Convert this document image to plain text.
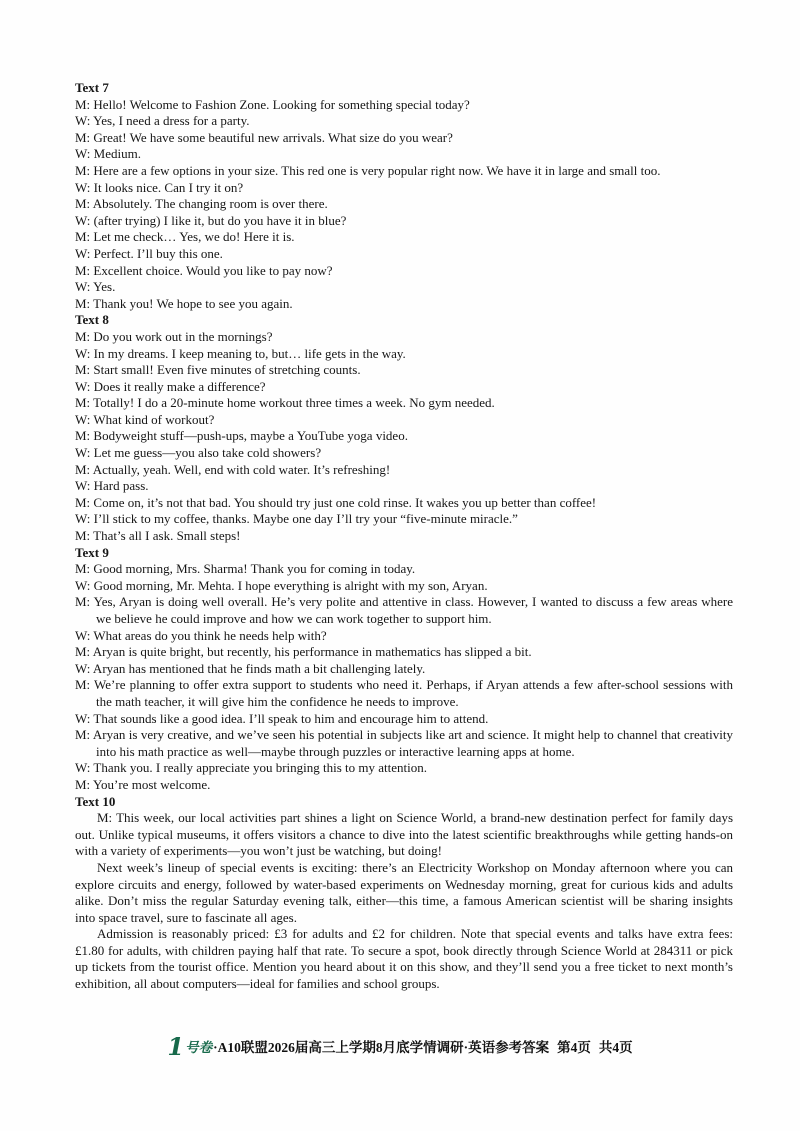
Text 7
M: Hello! Welcome to Fashion Zone. Looking for something special today?
W: Yes, I need a dress for a party.
M: Great! We have some beautiful new arrivals. What size do you wear?
W: Medium.
M: Here are a few options in your size. This red one is very popular right now. We have it in large and small too.
W: It looks nice. Can I try it on?
M: Absolutely. The changing room is over there.
W: (after trying) I like it, but do you have it in blue?
M: Let me check… Yes, we do! Here it is.
W: Perfect. I’ll buy this one.
M: Excellent choice. Would you like to pay now?
W: Yes.
M: Thank you! We hope to see you again.
Text 8
M: Do you work out in the mornings?
W: In my dreams. I keep meaning to, but… life gets in the way.
M: Start small! Even five minutes of stretching counts.
W: Does it really make a difference?
M: Totally! I do a 20-minute home workout three times a week. No gym needed.
W: What kind of workout?
M: Bodyweight stuff—push-ups, maybe a YouTube yoga video.
W: Let me guess—you also take cold showers?
M: Actually, yeah. Well, end with cold water. It’s refreshing!
W: Hard pass.
M: Come on, it’s not that bad. You should try just one cold rinse. It wakes you up better than coffee!
W: I’ll stick to my coffee, thanks. Maybe one day I’ll try your “five-minute miracle.”
M: That’s all I ask. Small steps!
Text 9
M: Good morning, Mrs. Sharma! Thank you for coming in today.
W: Good morning, Mr. Mehta. I hope everything is alright with my son, Aryan.
M: Yes, Aryan is doing well overall. He’s very polite and attentive in class. However, I wanted to discuss a few areas where we believe he could improve and how we can work together to support him.
W: What areas do you think he needs help with?
M: Aryan is quite bright, but recently, his performance in mathematics has slipped a bit.
W: Aryan has mentioned that he finds math a bit challenging lately.
M: We’re planning to offer extra support to students who need it. Perhaps, if Aryan attends a few after-school sessions with the math teacher, it will give him the confidence he needs to improve.
W: That sounds like a good idea. I’ll speak to him and encourage him to attend.
M: Aryan is very creative, and we’ve seen his potential in subjects like art and science. It might help to channel that creativity into his math practice as well—maybe through puzzles or interactive learning apps at home.
W: Thank you. I really appreciate you bringing this to my attention.
M: You’re most welcome.
Text 10
M: This week, our local activities part shines a light on Science World, a brand-new destination perfect for family days out. Unlike typical museums, it offers visitors a chance to dive into the latest scientific breakthroughs while getting hands-on with a variety of experiments—you won’t just be watching, but doing!
Next week’s lineup of special events is exciting: there’s an Electricity Workshop on Monday afternoon where you can explore circuits and energy, followed by water-based experiments on Wednesday morning, great for curious kids and adults alike. Don’t miss the regular Saturday evening talk, either—this time, a famous American scientist will be sharing insights into space travel, sure to fascinate all ages.
Admission is reasonably priced: £3 for adults and £2 for children. Note that special events and talks have extra fees: £1.80 for adults, with children paying half that rate. To secure a spot, book directly through Science World at 284311 or pick up tickets from the tourist office. Mention you heard about it on this show, and they’ll send you a free ticket to next month’s exhibition, all about computers—ideal for families and school groups.
1号卷·A10联盟2026届高三上学期8月底学情调研·英语参考答案 第4页 共4页
